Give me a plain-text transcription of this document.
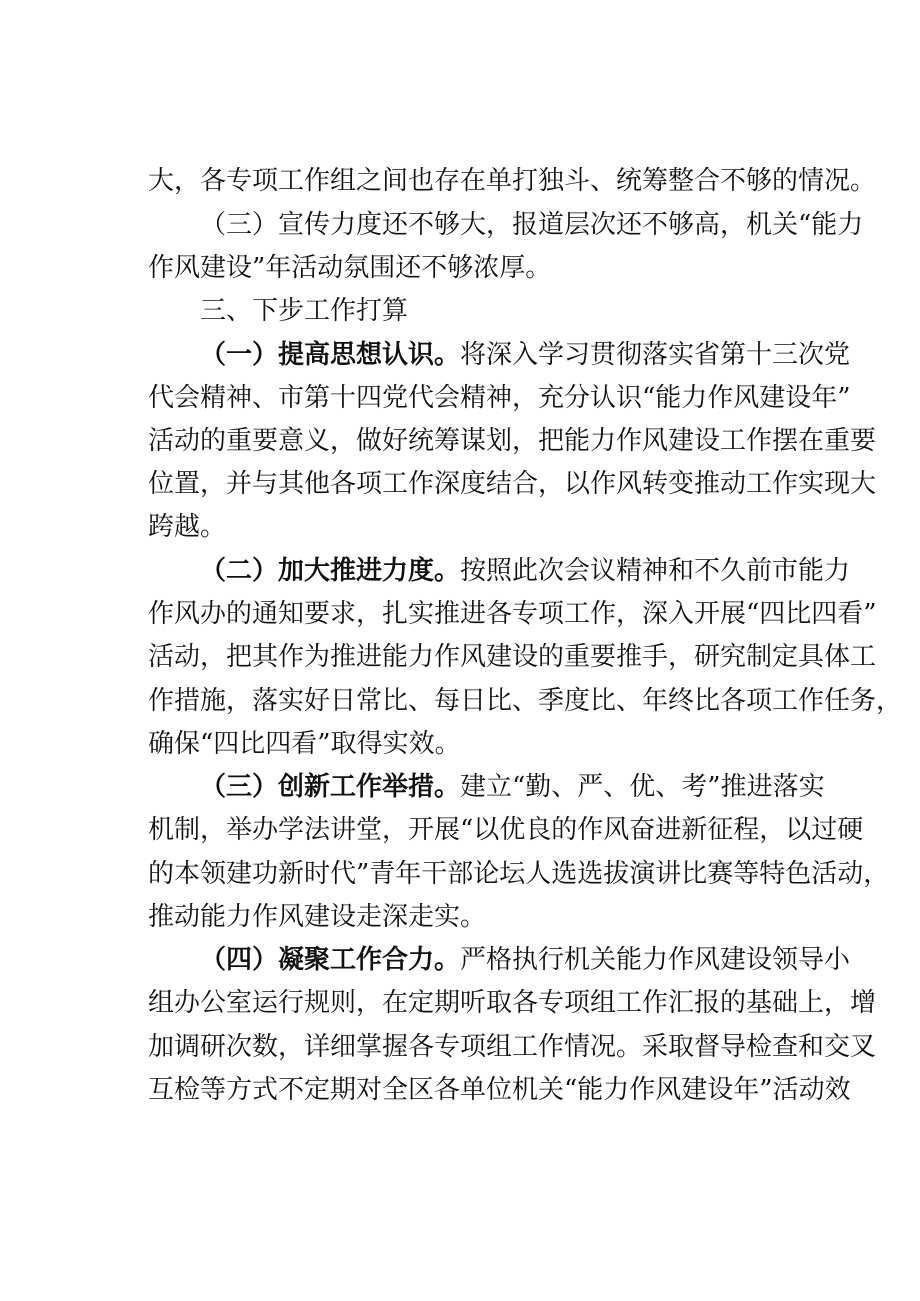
大，各专项工作组之间也存在单打独斗、统筹整合不够的情况。
（三）宣传力度还不够大，报道层次还不够高，机关“能力
作风建设”年活动氛围还不够浓厚。
三、下步工作打算
（一）提高思想认识。将深入学习贯彻落实省第十三次党
代会精神、市第十四党代会精神，充分认识“能力作风建设年”
活动的重要意义，做好统筹谋划，把能力作风建设工作摆在重要
位置，并与其他各项工作深度结合，以作风转变推动工作实现大
跨越。
（二）加大推进力度。按照此次会议精神和不久前市能力
作风办的通知要求，扎实推进各专项工作，深入开展“四比四看”
活动，把其作为推进能力作风建设的重要推手，研究制定具体工
作措施，落实好日常比、每日比、季度比、年终比各项工作任务，
确保“四比四看”取得实效。
（三）创新工作举措。建立“勤、严、优、考”推进落实
机制，举办学法讲堂，开展“以优良的作风奋进新征程，以过硬
的本领建功新时代”青年干部论坛人选选拔演讲比赛等特色活动，
推动能力作风建设走深走实。
（四）凝聚工作合力。严格执行机关能力作风建设领导小
组办公室运行规则，在定期听取各专项组工作汇报的基础上，增
加调研次数，详细掌握各专项组工作情况。采取督导检查和交叉
互检等方式不定期对全区各单位机关“能力作风建设年”活动效
